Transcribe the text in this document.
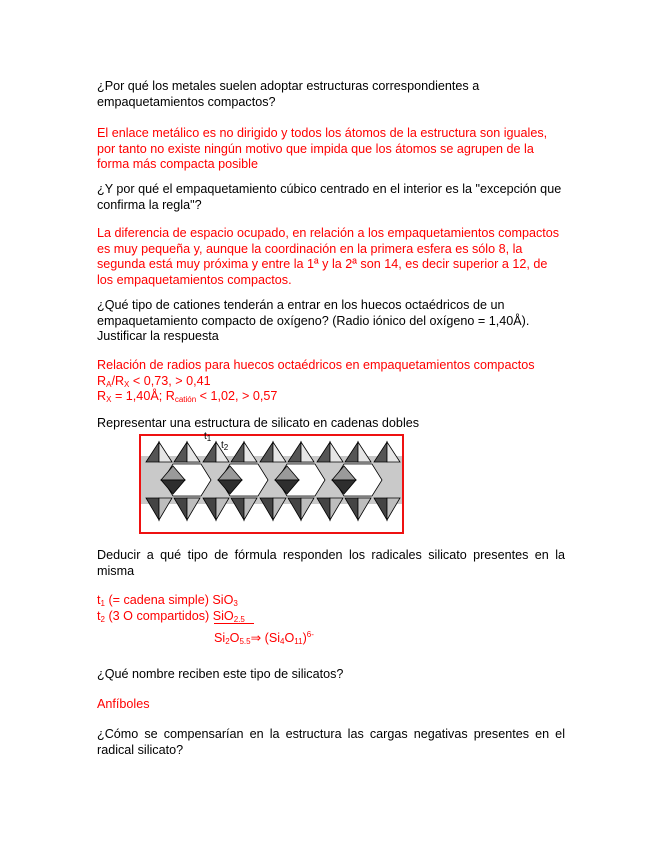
¿Por qué los metales suelen adoptar estructuras correspondientes a empaquetamientos compactos?

El enlace metálico es no dirigido y todos los átomos de la estructura son iguales, por tanto no existe ningún motivo que impida que los átomos se agrupen de la forma más compacta posible

¿Y por qué el empaquetamiento cúbico centrado en el interior es la "excepción que confirma la regla"?

La diferencia de espacio ocupado, en relación a los empaquetamientos compactos es muy pequeña y, aunque la coordinación en la primera esfera es sólo 8, la segunda está muy próxima y entre la 1ª y la 2ª son 14, es decir superior a 12, de los empaquetamientos compactos.

¿Qué tipo de cationes tenderán a entrar en los huecos octaédricos de un empaquetamiento compacto de oxígeno? (Radio iónico del oxígeno = 1,40Å). Justificar la respuesta

Relación de radios para huecos octaédricos en empaquetamientos compactos
$R_A/R_X < 0,73$, > 0,41
$R_X$ = 1,40Å; $R_{catión} < 1,02$, > 0,57

Representar una estructura de silicato en cadenas dobles

$t_1$
$t_2$

Deducir a qué tipo de fórmula responden los radicales silicato presentes en la misma

$t_1$ (= cadena simple) SiO$_3$
$t_2$ (3 O compartidos) SiO$_{2.5}$
$Si_2O_{5.5}\Rightarrow$ $(Si_4O_{11})^{6-}$

¿Qué nombre reciben este tipo de silicatos?

Anfíboles

¿Cómo se compensarían en la estructura las cargas negativas presentes en el radical silicato?
